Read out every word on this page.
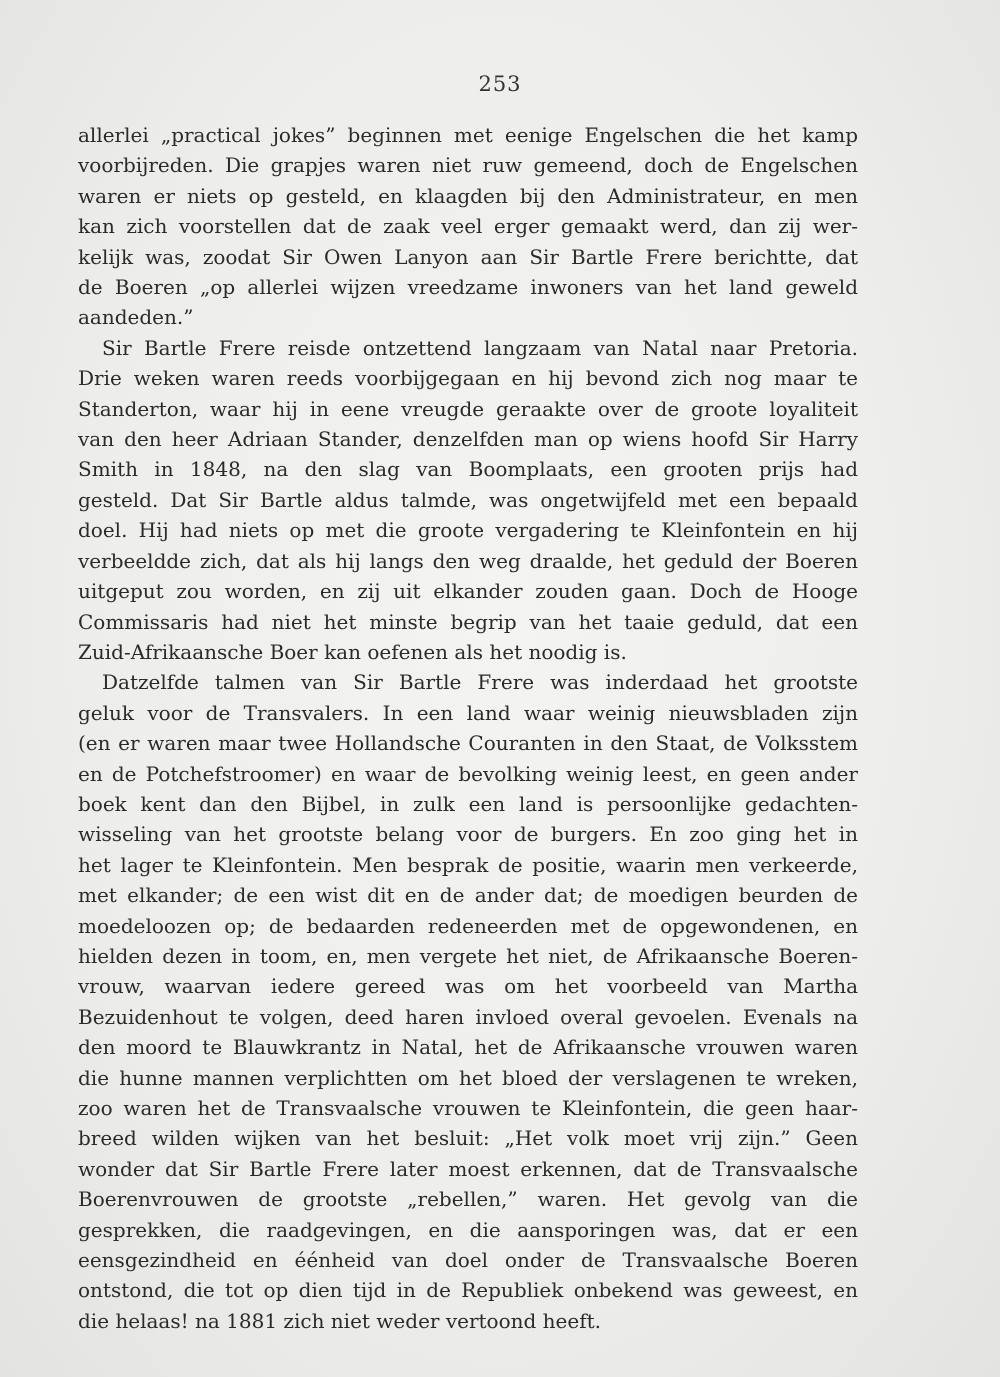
253
allerlei „practical jokes” beginnen met eenige Engelschen die het kamp
voorbijreden. Die grapjes waren niet ruw gemeend, doch de Engelschen
waren er niets op gesteld, en klaagden bij den Administrateur, en men
kan zich voorstellen dat de zaak veel erger gemaakt werd, dan zij wer-
kelijk was, zoodat Sir Owen Lanyon aan Sir Bartle Frere berichtte, dat
de Boeren „op allerlei wijzen vreedzame inwoners van het land geweld
aandeden.”
Sir Bartle Frere reisde ontzettend langzaam van Natal naar Pretoria.
Drie weken waren reeds voorbijgegaan en hij bevond zich nog maar te
Standerton, waar hij in eene vreugde geraakte over de groote loyaliteit
van den heer Adriaan Stander, denzelfden man op wiens hoofd Sir Harry
Smith in 1848, na den slag van Boomplaats, een grooten prijs had
gesteld. Dat Sir Bartle aldus talmde, was ongetwijfeld met een bepaald
doel. Hij had niets op met die groote vergadering te Kleinfontein en hij
verbeeldde zich, dat als hij langs den weg draalde, het geduld der Boeren
uitgeput zou worden, en zij uit elkander zouden gaan. Doch de Hooge
Commissaris had niet het minste begrip van het taaie geduld, dat een
Zuid-Afrikaansche Boer kan oefenen als het noodig is.
Datzelfde talmen van Sir Bartle Frere was inderdaad het grootste
geluk voor de Transvalers. In een land waar weinig nieuwsbladen zijn
(en er waren maar twee Hollandsche Couranten in den Staat, de Volksstem
en de Potchefstroomer) en waar de bevolking weinig leest, en geen ander
boek kent dan den Bijbel, in zulk een land is persoonlijke gedachten-
wisseling van het grootste belang voor de burgers. En zoo ging het in
het lager te Kleinfontein. Men besprak de positie, waarin men verkeerde,
met elkander; de een wist dit en de ander dat; de moedigen beurden de
moedeloozen op; de bedaarden redeneerden met de opgewondenen, en
hielden dezen in toom, en, men vergete het niet, de Afrikaansche Boeren-
vrouw, waarvan iedere gereed was om het voorbeeld van Martha
Bezuidenhout te volgen, deed haren invloed overal gevoelen. Evenals na
den moord te Blauwkrantz in Natal, het de Afrikaansche vrouwen waren
die hunne mannen verplichtten om het bloed der verslagenen te wreken,
zoo waren het de Transvaalsche vrouwen te Kleinfontein, die geen haar-
breed wilden wijken van het besluit: „Het volk moet vrij zijn.” Geen
wonder dat Sir Bartle Frere later moest erkennen, dat de Transvaalsche
Boerenvrouwen de grootste „rebellen,” waren. Het gevolg van die
gesprekken, die raadgevingen, en die aansporingen was, dat er een
eensgezindheid en éénheid van doel onder de Transvaalsche Boeren
ontstond, die tot op dien tijd in de Republiek onbekend was geweest, en
die helaas! na 1881 zich niet weder vertoond heeft.
